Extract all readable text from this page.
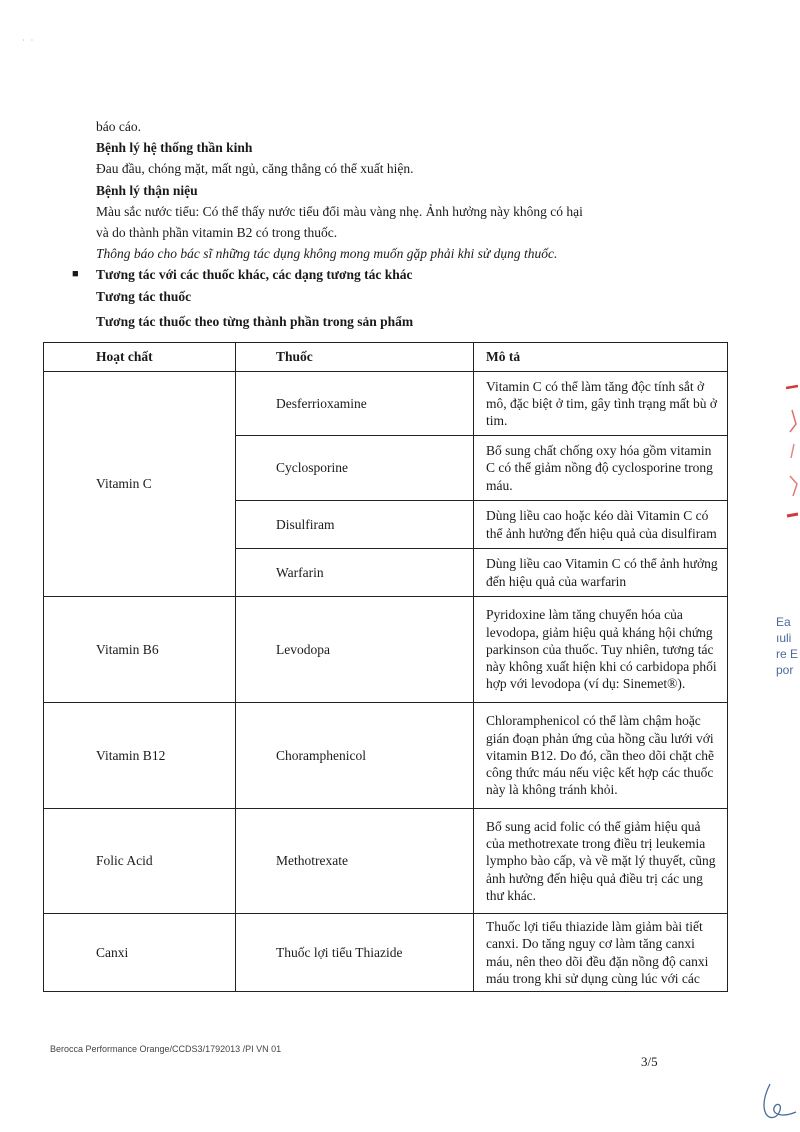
· ·

báo cáo.

Bệnh lý hệ thống thần kinh

Đau đầu, chóng mặt, mất ngủ, căng thẳng có thể xuất hiện.

Bệnh lý thận niệu

Màu sắc nước tiểu: Có thể thấy nước tiểu đổi màu vàng nhẹ. Ảnh hưởng này không có hại

và do thành phần vitamin B2 có trong thuốc.

Thông báo cho bác sĩ những tác dụng không mong muốn gặp phải khi sử dụng thuốc.

■ Tương tác với các thuốc khác, các dạng tương tác khác

Tương tác thuốc

Tương tác thuốc theo từng thành phần trong sản phẩm

Hoạt chất	Thuốc	Mô tả
Vitamin C	Desferrioxamine	Vitamin C có thể làm tăng độc tính sắt ở mô, đặc biệt ở tim, gây tình trạng mất bù ở tim.
	Cyclosporine	Bổ sung chất chống oxy hóa gồm vitamin C có thể giảm nồng độ cyclosporine trong máu.
	Disulfiram	Dùng liều cao hoặc kéo dài Vitamin C có thể ảnh hưởng đến hiệu quả của disulfiram
	Warfarin	Dùng liều cao Vitamin C có thể ảnh hưởng đến hiệu quả của warfarin
Vitamin B6	Levodopa	Pyridoxine làm tăng chuyển hóa của levodopa, giảm hiệu quả kháng hội chứng parkinson của thuốc. Tuy nhiên, tương tác này không xuất hiện khi có carbidopa phối hợp với levodopa (ví dụ: Sinemet®).
Vitamin B12	Choramphenicol	Chloramphenicol có thể làm chậm hoặc gián đoạn phản ứng của hồng cầu lưới với vitamin B12. Do đó, cần theo dõi chặt chẽ công thức máu nếu việc kết hợp các thuốc này là không tránh khỏi.
Folic Acid	Methotrexate	Bổ sung acid folic có thể giảm hiệu quả của methotrexate trong điều trị leukemia lympho bào cấp, và về mặt lý thuyết, cũng ảnh hưởng đến hiệu quả điều trị các ung thư khác.
Canxi	Thuốc lợi tiểu Thiazide	Thuốc lợi tiểu thiazide làm giảm bài tiết canxi. Do tăng nguy cơ làm tăng canxi máu, nên theo dõi đều đặn nồng độ canxi máu trong khi sử dụng cùng lúc với các
Berocca Performance Orange/CCDS3/1792013 /PI VN 01
3/5
Ea
ıuli
re E
por
